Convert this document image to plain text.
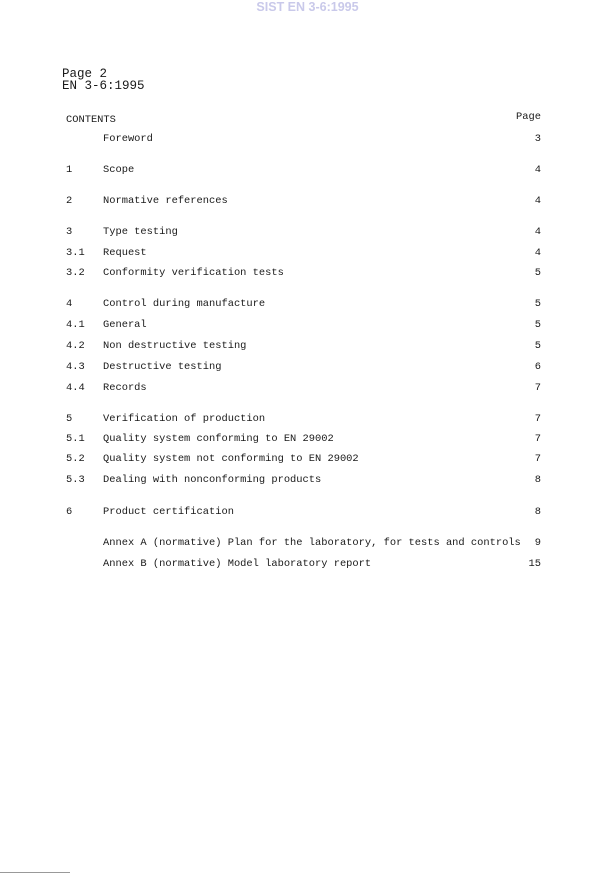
SIST EN 3-6:1995
Page 2
EN 3-6:1995
CONTENTS	Page
Foreword	3
1	Scope	4
2	Normative references	4
3	Type testing	4
3.1 Request	4
3.2 Conformity verification tests	5
4	Control during manufacture	5
4.1 General	5
4.2 Non destructive testing	5
4.3 Destructive testing	6
4.4 Records	7
5	Verification of production	7
5.1 Quality system conforming to EN 29002	7
5.2 Quality system not conforming to EN 29002	7
5.3 Dealing with nonconforming products	8
6	Product certification	8
Annex A (normative) Plan for the laboratory, for tests and controls 9
Annex B (normative) Model laboratory report	15
